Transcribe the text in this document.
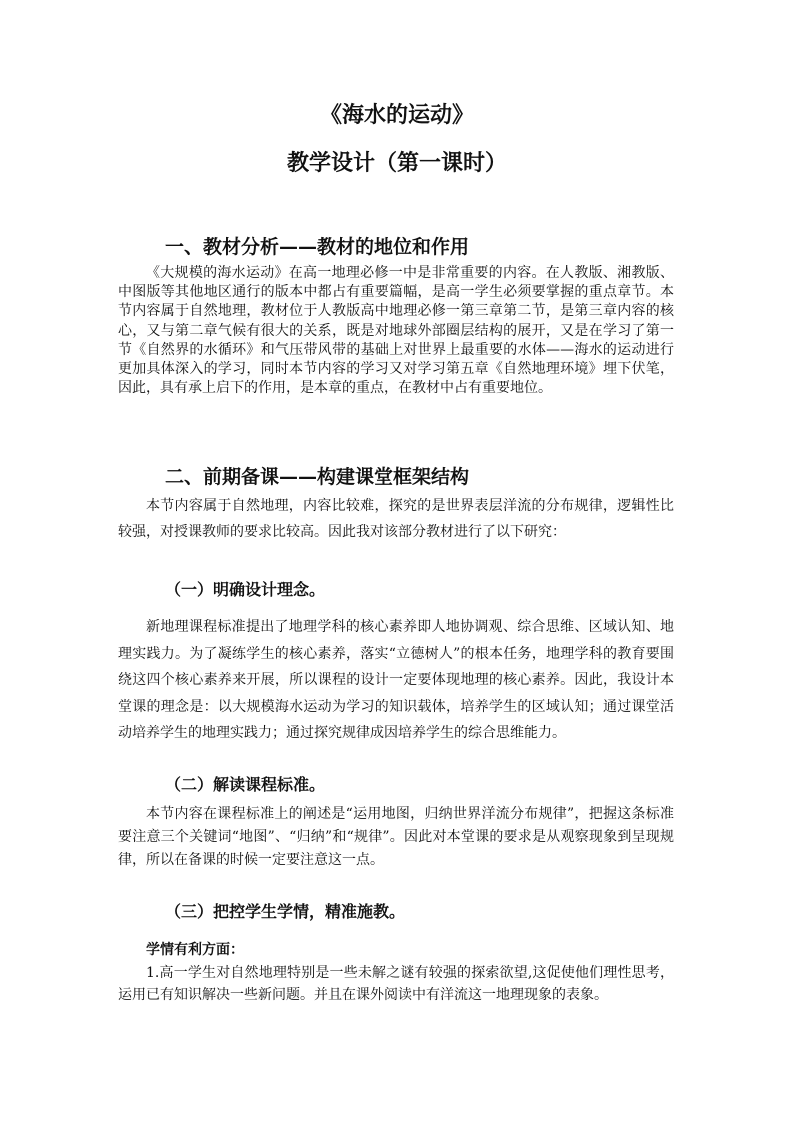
《海水的运动》
教学设计（第一课时）
一、教材分析——教材的地位和作用
《大规模的海水运动》在高一地理必修一中是非常重要的内容。在人教版、湘教版、中图版等其他地区通行的版本中都占有重要篇幅，是高一学生必须要掌握的重点章节。本节内容属于自然地理，教材位于人教版高中地理必修一第三章第二节，是第三章内容的核心，又与第二章气候有很大的关系，既是对地球外部圈层结构的展开，又是在学习了第一节《自然界的水循环》和气压带风带的基础上对世界上最重要的水体——海水的运动进行更加具体深入的学习，同时本节内容的学习又对学习第五章《自然地理环境》埋下伏笔，因此，具有承上启下的作用，是本章的重点，在教材中占有重要地位。
二、前期备课——构建课堂框架结构
本节内容属于自然地理，内容比较难，探究的是世界表层洋流的分布规律，逻辑性比较强，对授课教师的要求比较高。因此我对该部分教材进行了以下研究：
（一）明确设计理念。
新地理课程标准提出了地理学科的核心素养即人地协调观、综合思维、区域认知、地理实践力。为了凝练学生的核心素养，落实“立德树人”的根本任务，地理学科的教育要围绕这四个核心素养来开展，所以课程的设计一定要体现地理的核心素养。因此，我设计本堂课的理念是：以大规模海水运动为学习的知识载体，培养学生的区域认知；通过课堂活动培养学生的地理实践力；通过探究规律成因培养学生的综合思维能力。
（二）解读课程标准。
本节内容在课程标准上的阐述是“运用地图，归纳世界洋流分布规律”，把握这条标准要注意三个关键词“地图”、“归纳”和“规律”。因此对本堂课的要求是从观察现象到呈现规律，所以在备课的时候一定要注意这一点。
（三）把控学生学情，精准施教。
学情有利方面：
1.高一学生对自然地理特别是一些未解之谜有较强的探索欲望,这促使他们理性思考，运用已有知识解决一些新问题。并且在课外阅读中有洋流这一地理现象的表象。
